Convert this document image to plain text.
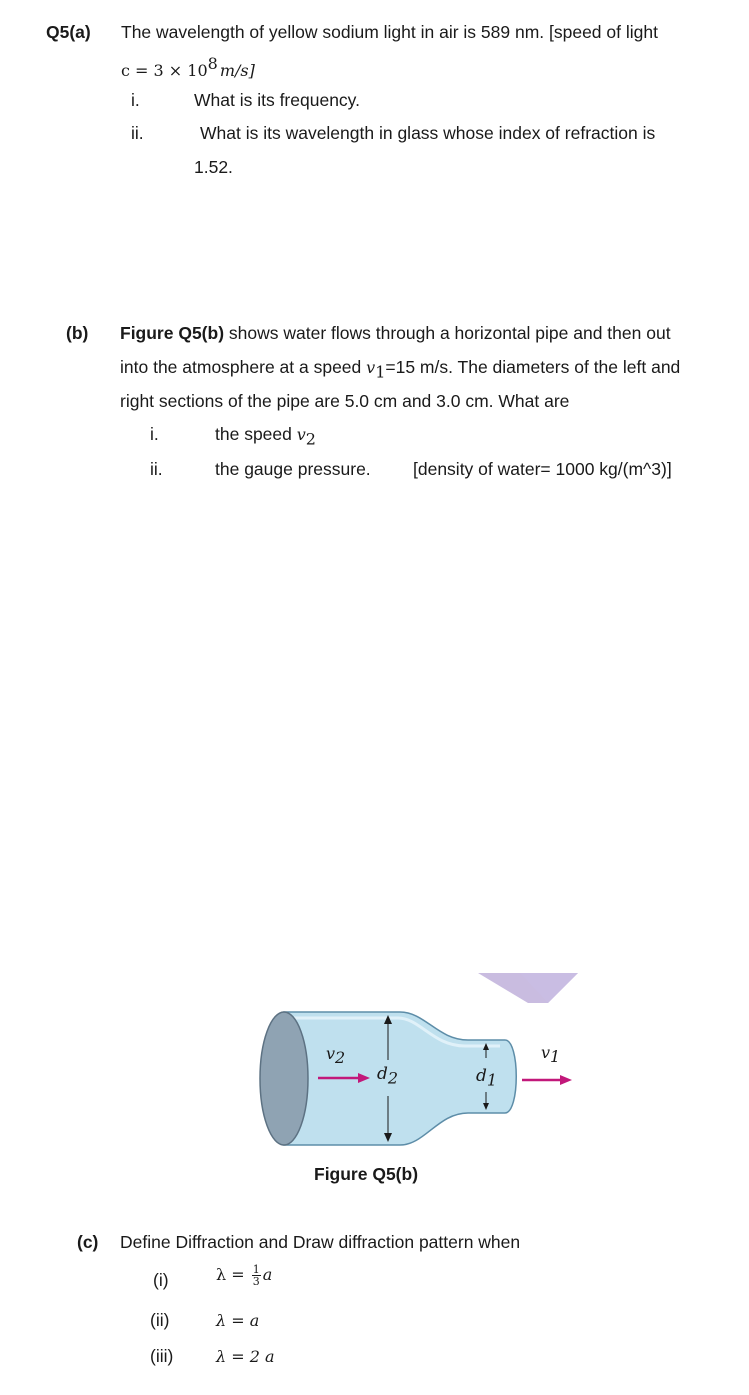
Q5(a) The wavelength of yellow sodium light in air is 589 nm. [speed of light
$c = 3 \times 10^8$ m/s]
i.	What is its frequency.
ii.	What is its wavelength in glass whose index of refraction is
1.52.
(b) Figure Q5(b) shows water flows through a horizontal pipe and then out
into the atmosphere at a speed $v_1=15$ m/s. The diameters of the left and
right sections of the pipe are 5.0 cm and 3.0 cm. What are
i.	the speed $v_2$
ii.	the gauge pressure. [density of water= 1000 kg/(m^3)]
$v_2$
$d_2$	$d_1$
$v_1$
Figure Q5(b)
(c) Define Diffraction and Draw diffraction pattern when
(i)	$\lambda = \frac{1}{3}$ a
(ii)	λ = a
(iii)	λ = 2 a
